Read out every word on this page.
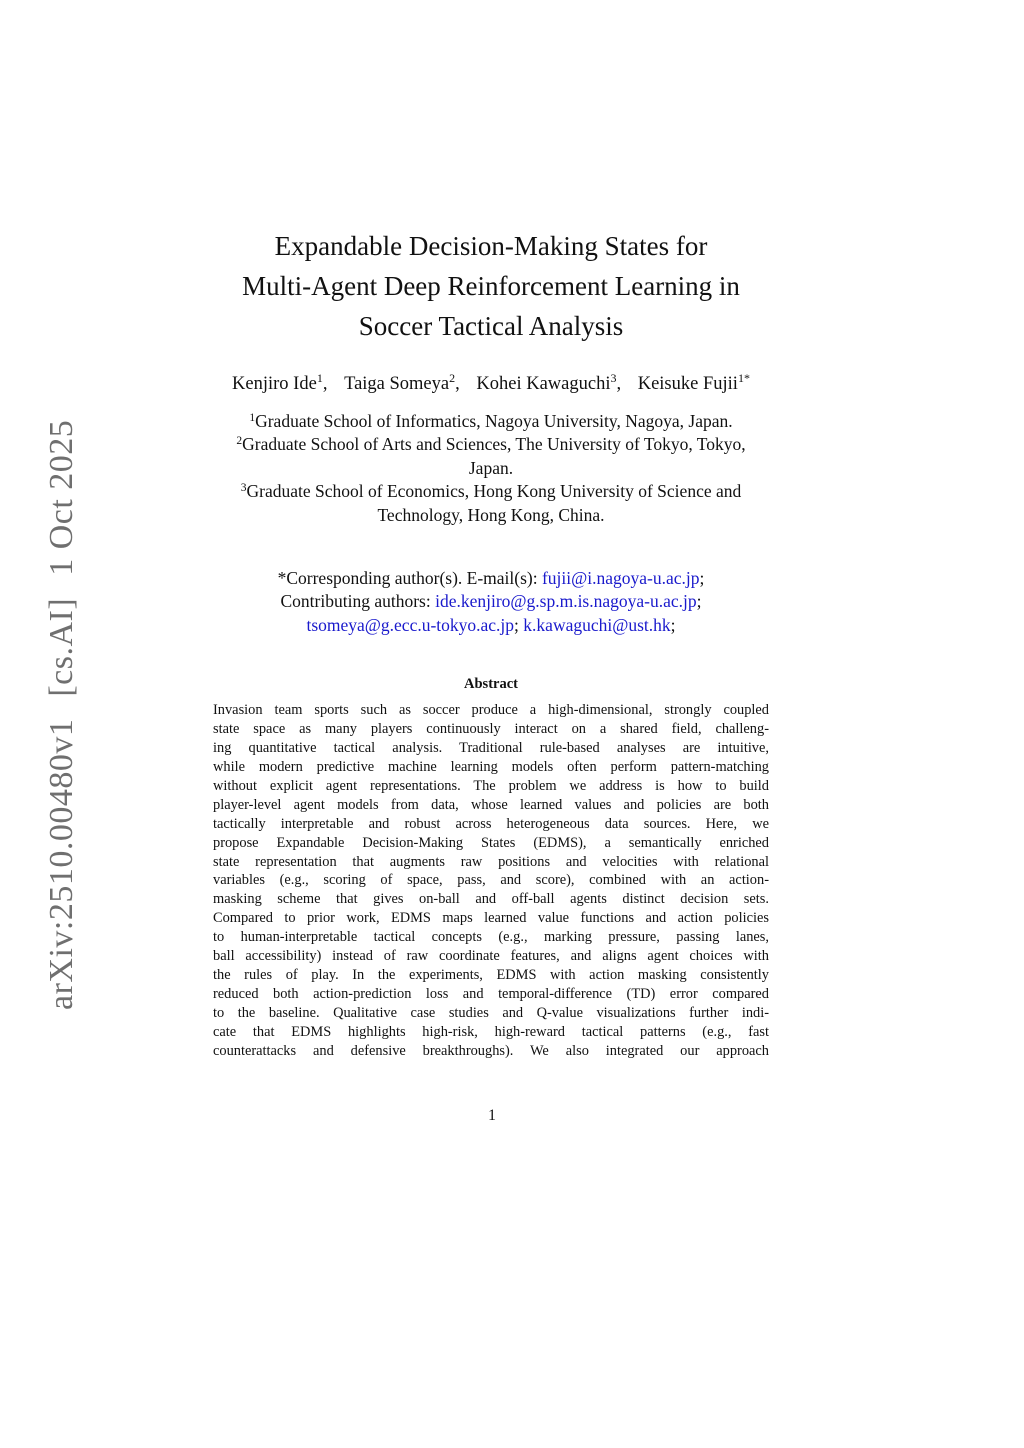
arXiv:2510.00480v1[cs.AI]1 Oct 2025
Expandable Decision-Making States for
Multi-Agent Deep Reinforcement Learning in
Soccer Tactical Analysis
Kenjiro Ide$^1$, Taiga Someya$^2$, Kohei Kawaguchi$^3$, Keisuke Fujii$^{1*}$
$^1$Graduate School of Informatics, Nagoya University, Nagoya, Japan.
$^2$Graduate School of Arts and Sciences, The University of Tokyo, Tokyo,
Japan.
$^3$Graduate School of Economics, Hong Kong University of Science and
Technology, Hong Kong, China.
*Corresponding author(s). E-mail(s): fujii@i.nagoya-u.ac.jp;
Contributing authors: ide.kenjiro@g.sp.m.is.nagoya-u.ac.jp;
tsomeya@g.ecc.u-tokyo.ac.jp; k.kawaguchi@ust.hk;
Abstract
Invasion team sports such as soccer produce a high-dimensional, strongly coupled
state space as many players continuously interact on a shared field, challeng-
ing quantitative tactical analysis. Traditional rule-based analyses are intuitive,
while modern predictive machine learning models often perform pattern-matching
without explicit agent representations. The problem we address is how to build
player-level agent models from data, whose learned values and policies are both
tactically interpretable and robust across heterogeneous data sources. Here, we
propose Expandable Decision-Making States (EDMS), a semantically enriched
state representation that augments raw positions and velocities with relational
variables (e.g., scoring of space, pass, and score), combined with an action-
masking scheme that gives on-ball and off-ball agents distinct decision sets.
Compared to prior work, EDMS maps learned value functions and action policies
to human-interpretable tactical concepts (e.g., marking pressure, passing lanes,
ball accessibility) instead of raw coordinate features, and aligns agent choices with
the rules of play. In the experiments, EDMS with action masking consistently
reduced both action-prediction loss and temporal-difference (TD) error compared
to the baseline. Qualitative case studies and Q-value visualizations further indi-
cate that EDMS highlights high-risk, high-reward tactical patterns (e.g., fast
counterattacks and defensive breakthroughs). We also integrated our approach
1
